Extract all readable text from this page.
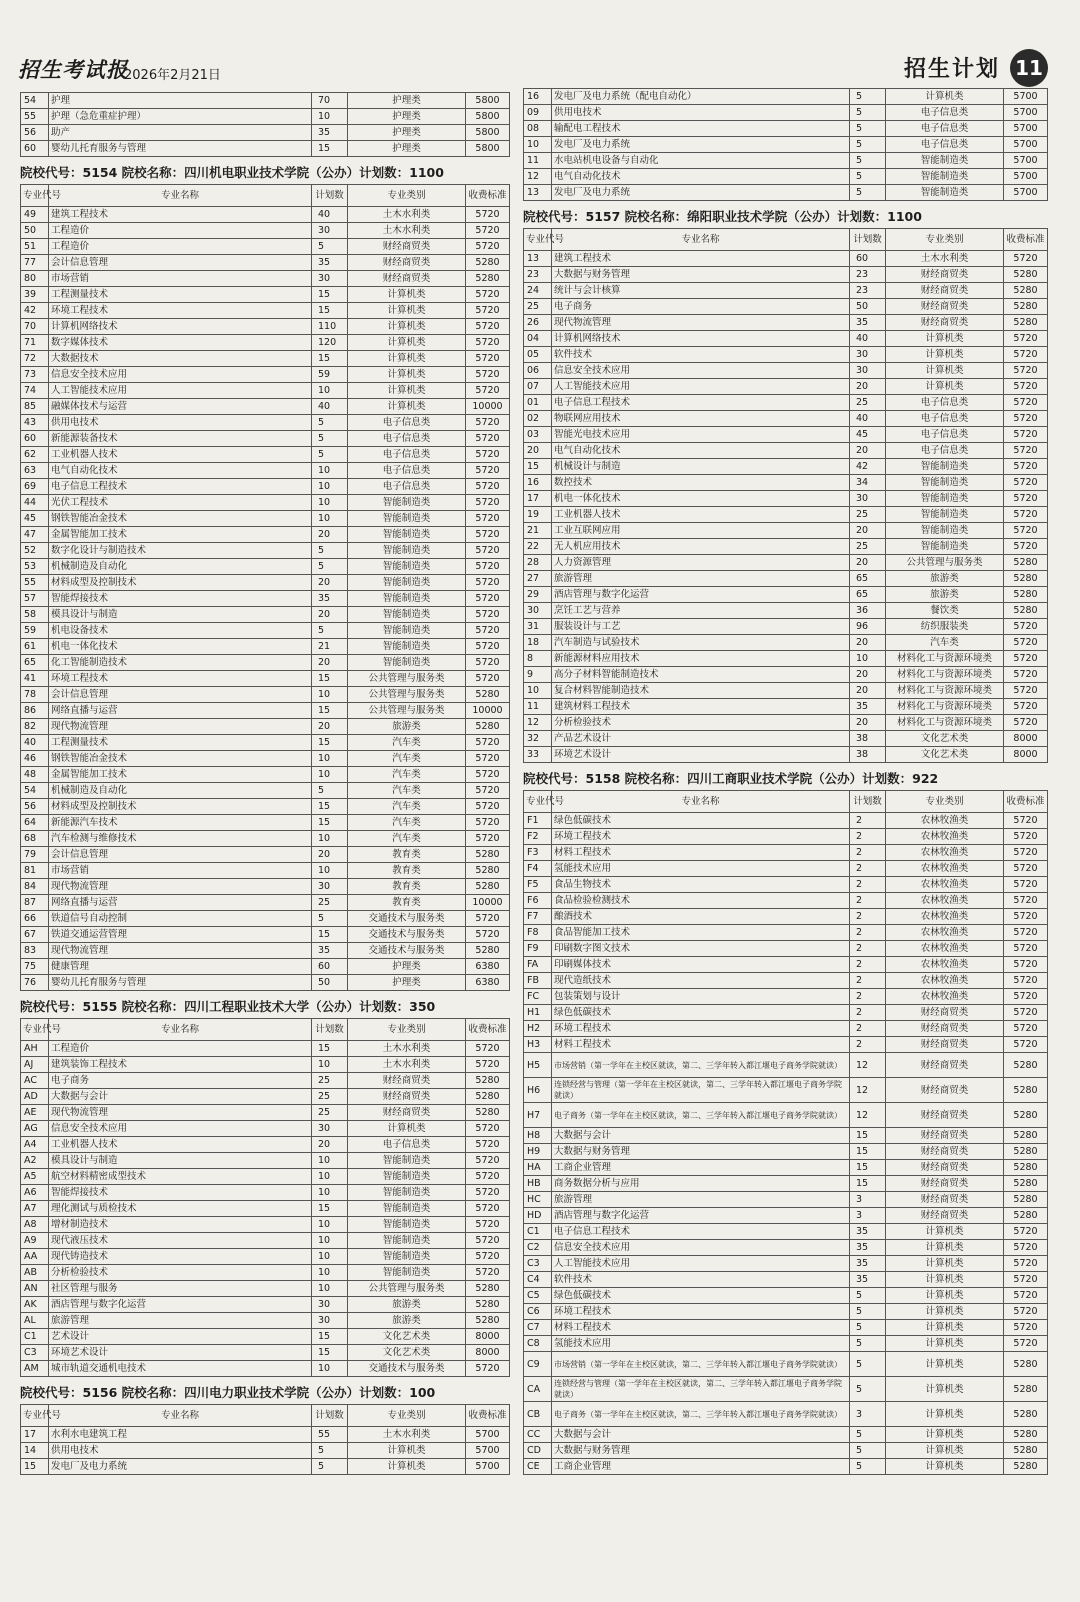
招生考试报
2026年2月21日	招生计划 11
54	护理	70	护理类	5800
55	护理（急危重症护理）	10	护理类	5800
56	助产	35	护理类	5800
60	婴幼儿托育服务与管理	15	护理类	5800
院校代号：5154 院校名称：四川机电职业技术学院（公办）计划数：1100
专业代号	专业名称	计划数	专业类别	收费标准
49	建筑工程技术	40	土木水利类	5720
50	工程造价	30	土木水利类	5720
51	工程造价	5	财经商贸类	5720
77	会计信息管理	35	财经商贸类	5280
80	市场营销	30	财经商贸类	5280
39	工程测量技术	15	计算机类	5720
42	环境工程技术	15	计算机类	5720
70	计算机网络技术	110	计算机类	5720
71	数字媒体技术	120	计算机类	5720
72	大数据技术	15	计算机类	5720
73	信息安全技术应用	59	计算机类	5720
74	人工智能技术应用	10	计算机类	5720
85	融媒体技术与运营	40	计算机类	10000
43	供用电技术	5	电子信息类	5720
60	新能源装备技术	5	电子信息类	5720
62	工业机器人技术	5	电子信息类	5720
63	电气自动化技术	10	电子信息类	5720
69	电子信息工程技术	10	电子信息类	5720
44	光伏工程技术	10	智能制造类	5720
45	钢铁智能冶金技术	10	智能制造类	5720
47	金属智能加工技术	20	智能制造类	5720
52	数字化设计与制造技术	5	智能制造类	5720
53	机械制造及自动化	5	智能制造类	5720
55	材料成型及控制技术	20	智能制造类	5720
57	智能焊接技术	35	智能制造类	5720
58	模具设计与制造	20	智能制造类	5720
59	机电设备技术	5	智能制造类	5720
61	机电一体化技术	21	智能制造类	5720
65	化工智能制造技术	20	智能制造类	5720
41	环境工程技术	15	公共管理与服务类	5720
78	会计信息管理	10	公共管理与服务类	5280
86	网络直播与运营	15	公共管理与服务类	10000
82	现代物流管理	20	旅游类	5280
40	工程测量技术	15	汽车类	5720
46	钢铁智能冶金技术	10	汽车类	5720
48	金属智能加工技术	10	汽车类	5720
54	机械制造及自动化	5	汽车类	5720
56	材料成型及控制技术	15	汽车类	5720
64	新能源汽车技术	15	汽车类	5720
68	汽车检测与维修技术	10	汽车类	5720
79	会计信息管理	20	教育类	5280
81	市场营销	10	教育类	5280
84	现代物流管理	30	教育类	5280
87	网络直播与运营	25	教育类	10000
66	铁道信号自动控制	5	交通技术与服务类	5720
67	铁道交通运营管理	15	交通技术与服务类	5720
83	现代物流管理	35	交通技术与服务类	5280
75	健康管理	60	护理类	6380
76	婴幼儿托育服务与管理	50	护理类	6380
院校代号：5155 院校名称：四川工程职业技术大学（公办）计划数：350
专业代号	专业名称	计划数	专业类别	收费标准
AH	工程造价	15	土木水利类	5720
AJ	建筑装饰工程技术	10	土木水利类	5720
AC	电子商务	25	财经商贸类	5280
AD	大数据与会计	25	财经商贸类	5280
AE	现代物流管理	25	财经商贸类	5280
AG	信息安全技术应用	30	计算机类	5720
A4	工业机器人技术	20	电子信息类	5720
A2	模具设计与制造	10	智能制造类	5720
A5	航空材料精密成型技术	10	智能制造类	5720
A6	智能焊接技术	10	智能制造类	5720
A7	理化测试与质检技术	15	智能制造类	5720
A8	增材制造技术	10	智能制造类	5720
A9	现代液压技术	10	智能制造类	5720
AA	现代铸造技术	10	智能制造类	5720
AB	分析检验技术	10	智能制造类	5720
AN	社区管理与服务	10	公共管理与服务类	5280
AK	酒店管理与数字化运营	30	旅游类	5280
AL	旅游管理	30	旅游类	5280
C1	艺术设计	15	文化艺术类	8000
C3	环境艺术设计	15	文化艺术类	8000
AM	城市轨道交通机电技术	10	交通技术与服务类	5720
院校代号：5156 院校名称：四川电力职业技术学院（公办）计划数：100
专业代号	专业名称	计划数	专业类别	收费标准
17	水利水电建筑工程	55	土木水利类	5700
14	供用电技术	5	计算机类	5700
15	发电厂及电力系统	5	计算机类	5700
16	发电厂及电力系统（配电自动化）	5	计算机类	5700
09	供用电技术	5	电子信息类	5700
08	输配电工程技术	5	电子信息类	5700
10	发电厂及电力系统	5	电子信息类	5700
11	水电站机电设备与自动化	5	智能制造类	5700
12	电气自动化技术	5	智能制造类	5700
13	发电厂及电力系统	5	智能制造类	5700
院校代号：5157 院校名称：绵阳职业技术学院（公办）计划数：1100
专业代号	专业名称	计划数	专业类别	收费标准
13	建筑工程技术	60	土木水利类	5720
23	大数据与财务管理	23	财经商贸类	5280
24	统计与会计核算	23	财经商贸类	5280
25	电子商务	50	财经商贸类	5280
26	现代物流管理	35	财经商贸类	5280
04	计算机网络技术	40	计算机类	5720
05	软件技术	30	计算机类	5720
06	信息安全技术应用	30	计算机类	5720
07	人工智能技术应用	20	计算机类	5720
01	电子信息工程技术	25	电子信息类	5720
02	物联网应用技术	40	电子信息类	5720
03	智能光电技术应用	45	电子信息类	5720
20	电气自动化技术	20	电子信息类	5720
15	机械设计与制造	42	智能制造类	5720
16	数控技术	34	智能制造类	5720
17	机电一体化技术	30	智能制造类	5720
19	工业机器人技术	25	智能制造类	5720
21	工业互联网应用	20	智能制造类	5720
22	无人机应用技术	25	智能制造类	5720
28	人力资源管理	20	公共管理与服务类	5280
27	旅游管理	65	旅游类	5280
29	酒店管理与数字化运营	65	旅游类	5280
30	烹饪工艺与营养	36	餐饮类	5280
31	服装设计与工艺	96	纺织服装类	5720
18	汽车制造与试验技术	20	汽车类	5720
8	新能源材料应用技术	10	材料化工与资源环境类	5720
9	高分子材料智能制造技术	20	材料化工与资源环境类	5720
10	复合材料智能制造技术	20	材料化工与资源环境类	5720
11	建筑材料工程技术	35	材料化工与资源环境类	5720
12	分析检验技术	20	材料化工与资源环境类	5720
32	产品艺术设计	38	文化艺术类	8000
33	环境艺术设计	38	文化艺术类	8000
院校代号：5158 院校名称：四川工商职业技术学院（公办）计划数：922
专业代号	专业名称	计划数	专业类别	收费标准
F1	绿色低碳技术	2	农林牧渔类	5720
F2	环境工程技术	2	农林牧渔类	5720
F3	材料工程技术	2	农林牧渔类	5720
F4	氢能技术应用	2	农林牧渔类	5720
F5	食品生物技术	2	农林牧渔类	5720
F6	食品检验检测技术	2	农林牧渔类	5720
F7	酿酒技术	2	农林牧渔类	5720
F8	食品智能加工技术	2	农林牧渔类	5720
F9	印刷数字图文技术	2	农林牧渔类	5720
FA	印刷媒体技术	2	农林牧渔类	5720
FB	现代造纸技术	2	农林牧渔类	5720
FC	包装策划与设计	2	农林牧渔类	5720
H1	绿色低碳技术	2	财经商贸类	5720
H2	环境工程技术	2	财经商贸类	5720
H3	材料工程技术	2	财经商贸类	5720
H5	市场营销（第一学年在主校区就读，第二、三学年转入都江堰电子商务学院就读）	12	财经商贸类	5280
H6	连锁经营与管理（第一学年在主校区就读，第二、三学年转入都江堰电子商务学院就读）	12	财经商贸类	5280
H7	电子商务（第一学年在主校区就读，第二、三学年转入都江堰电子商务学院就读）	12	财经商贸类	5280
H8	大数据与会计	15	财经商贸类	5280
H9	大数据与财务管理	15	财经商贸类	5280
HA	工商企业管理	15	财经商贸类	5280
HB	商务数据分析与应用	15	财经商贸类	5280
HC	旅游管理	3	财经商贸类	5280
HD	酒店管理与数字化运营	3	财经商贸类	5280
C1	电子信息工程技术	35	计算机类	5720
C2	信息安全技术应用	35	计算机类	5720
C3	人工智能技术应用	35	计算机类	5720
C4	软件技术	35	计算机类	5720
C5	绿色低碳技术	5	计算机类	5720
C6	环境工程技术	5	计算机类	5720
C7	材料工程技术	5	计算机类	5720
C8	氢能技术应用	5	计算机类	5720
C9	市场营销（第一学年在主校区就读，第二、三学年转入都江堰电子商务学院就读）	5	计算机类	5280
CA	连锁经营与管理（第一学年在主校区就读，第二、三学年转入都江堰电子商务学院就读）	5	计算机类	5280
CB	电子商务（第一学年在主校区就读，第二、三学年转入都江堰电子商务学院就读）	3	计算机类	5280
CC	大数据与会计	5	计算机类	5280
CD	大数据与财务管理	5	计算机类	5280
CE	工商企业管理	5	计算机类	5280
